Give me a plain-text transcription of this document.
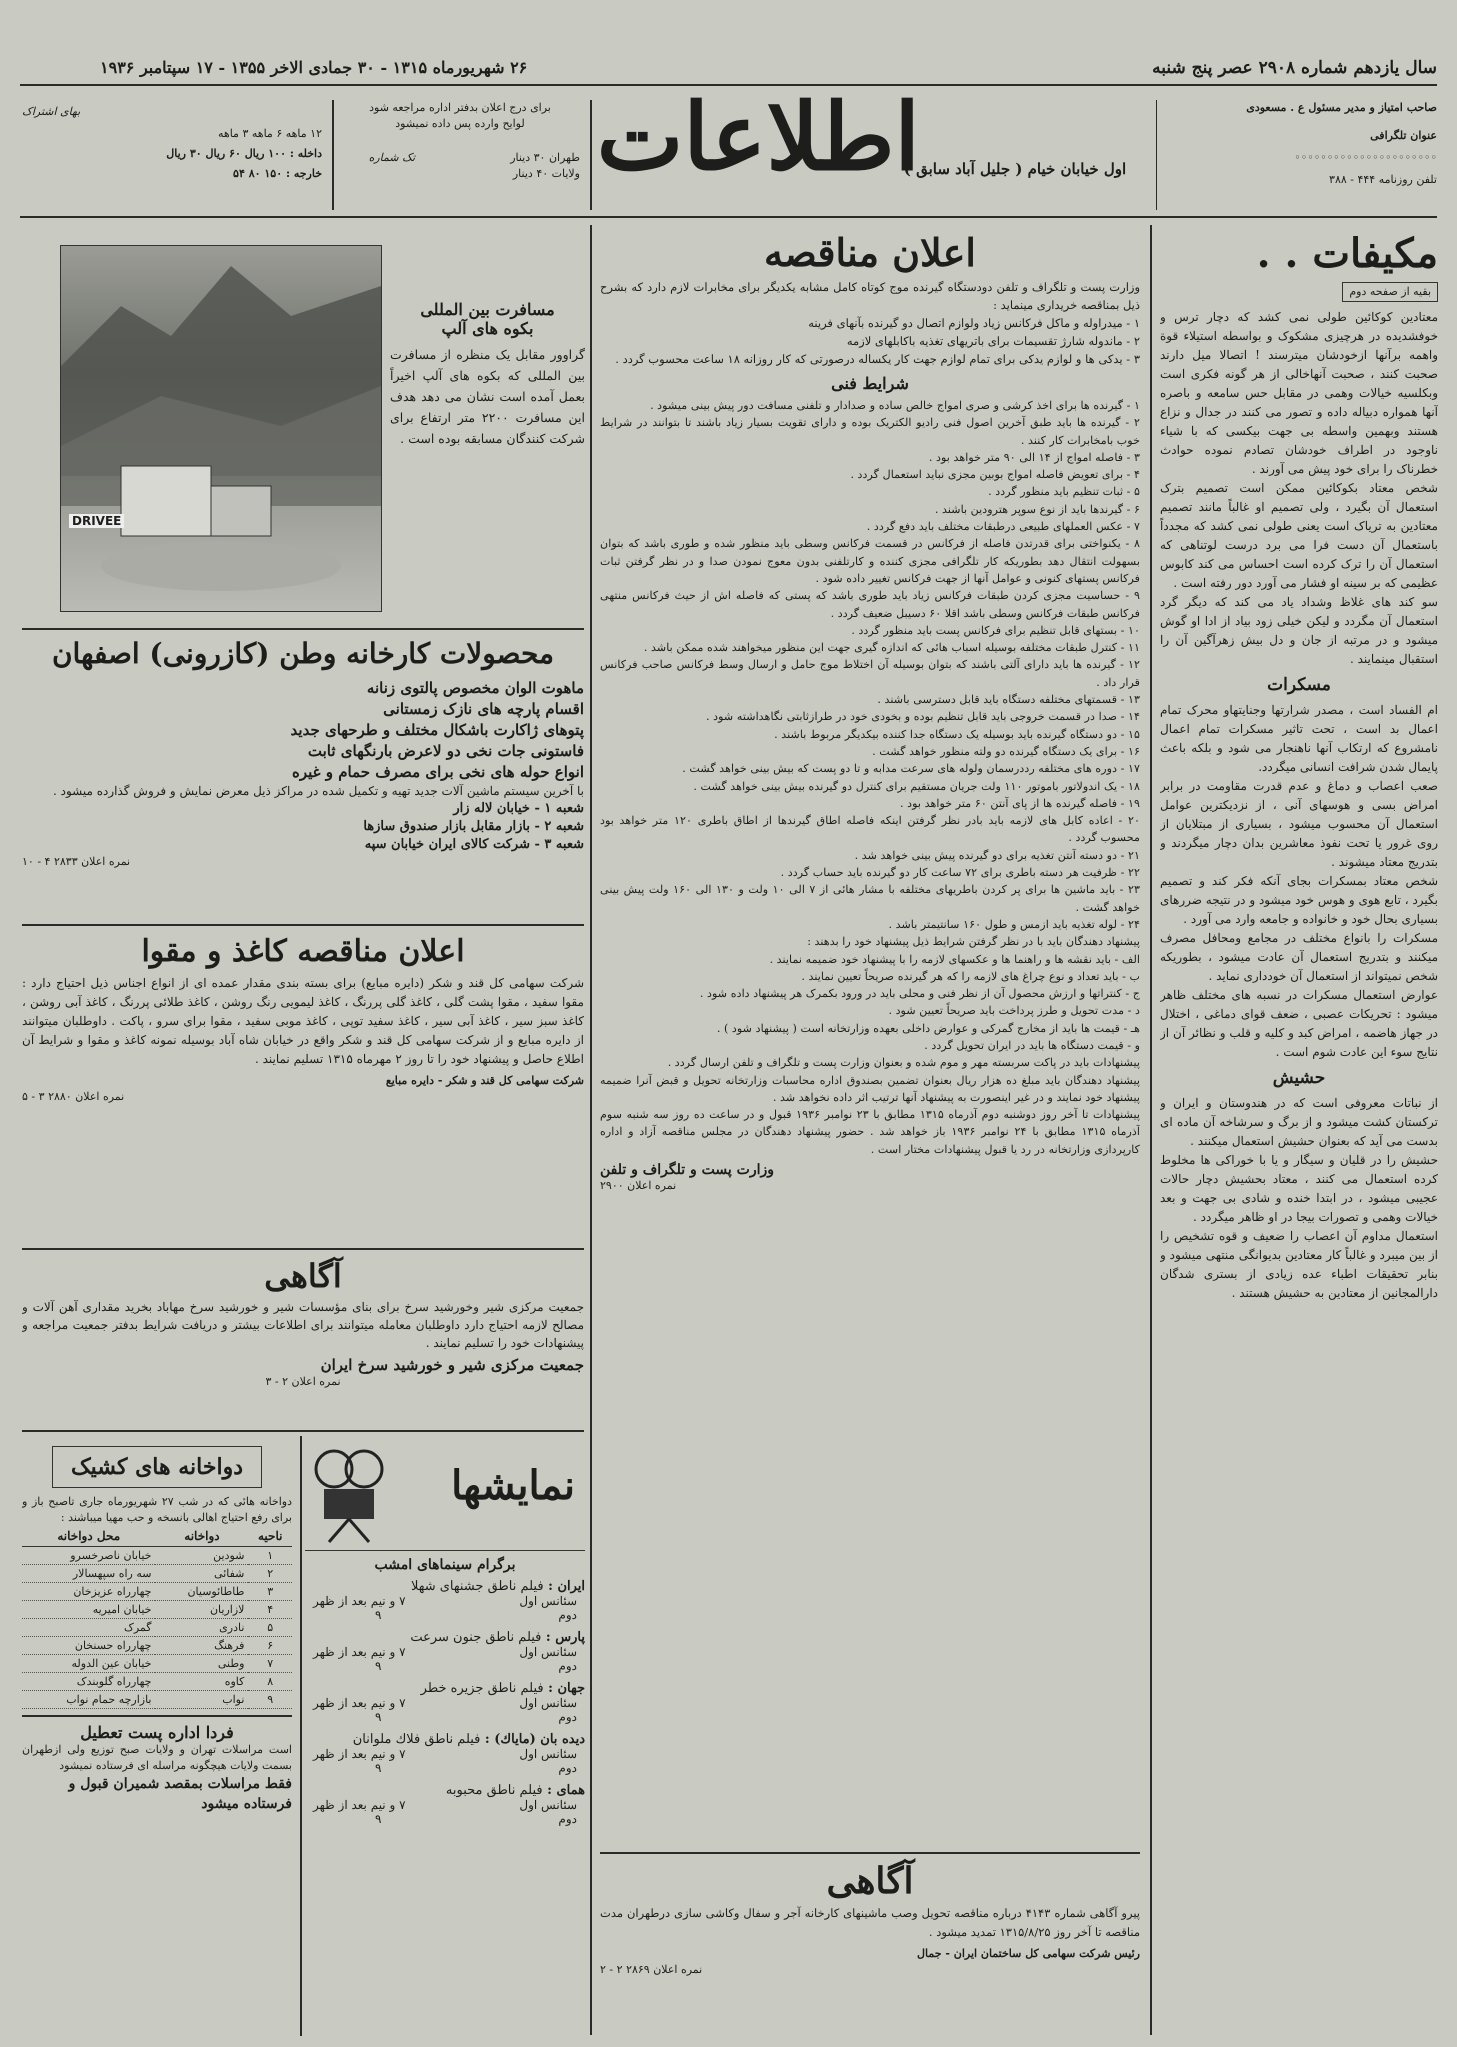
سال یازدهم شماره ۲۹۰۸ عصر پنج شنبه
۲۶ شهریورماه ۱۳۱۵ - ۳۰ جمادی الاخر ۱۳۵۵ - ۱۷ سپتامبر ۱۹۳۶
صاحب امتیاز و مدیر مسئول ع . مسعودی
عنوان تلگرافی
◦◦◦◦◦◦◦◦◦◦◦◦◦◦◦◦◦◦◦◦◦◦
تلفن روزنامه ۴۴۴ - ۳۸۸
اطلاعات
اول خیابان خیام ( جلیل آباد سابق )
برای درج اعلان بدفتر اداره مراجعه شود
لوایح وارده پس داده نمیشود
طهران ۳۰ دینار
ولایات ۴۰ دینار
تک شماره
بهای اشتراک
۱۲ ماهه ۶ ماهه ۳ ماهه
داخله : ۱۰۰ ریال ۶۰ ریال ۳۰ ریال
خارجه : ۱۵۰ ۸۰ ۵۴
مکیفات . .
بقیه از صفحه دوم
معتادین کوکائین طولی نمی کشد که دچار ترس و خوفشدیده در هرچیزی مشکوک و بواسطه استیلاء قوة واهمه برآنها ازخودشان میترسند ! اتصالا میل دارند صحبت کنند ، صحبت آنهاخالی از هر گونه فکری است وبکلسیه خیالات وهمی در مقابل حس سامعه و باصره آنها همواره دبیاله داده و تصور می کنند در جدال و نزاع هستند وبهمین واسطه بی جهت بیکسی که با شیاء ناوجود در اطراف خودشان تصادم نموده حوادث خطرناک را برای خود پیش می آورند .
شخص معتاد بکوکائین ممکن است تصمیم بترک استعمال آن بگیرد ، ولی تصمیم او غالباً مانند تصمیم معتادین به تریاک است یعنی طولی نمی کشد که مجدداً باستعمال آن دست فرا می برد درست لوتناهی که استعمال آن را ترک کرده است احساس می کند کابوس عظیمی که بر سینه او فشار می آورد دور رفته است .
سو کند های غلاظ وشداد یاد می کند که دیگر گرد استعمال آن مگردد و لیکن خیلی زود بیاد از ادا او گوش میشود و در مرتبه از جان و دل بیش زهرآگین آن را استقبال مینمایند .
مسکرات
ام الفساد است ، مصدر شرارتها وجنایتهاو محرک تمام اعمال بد است ، تحت تاثیر مسکرات تمام اعمال نامشروع که ارتکاب آنها ناهنجار می شود و بلکه باعث پایمال شدن شرافت انسانی میگردد.
صعب اعصاب و دماغ و عدم قدرت مقاومت در برابر امراض بسی و هوسهای آنی ، از نزدیکترین عوامل استعمال آن محسوب میشود ، بسیاری از مبتلایان از روی غرور یا تحت نفوذ معاشرین بدان دچار میگردند و بتدریج معتاد میشوند .
شخص معتاد بمسکرات بجای آنکه فکر کند و تصمیم بگیرد ، تابع هوی و هوس خود میشود و در نتیجه ضررهای بسیاری بحال خود و خانواده و جامعه وارد می آورد .
مسکرات را بانواع مختلف در مجامع ومحافل مصرف میکنند و بتدریج استعمال آن عادت میشود ، بطوریکه شخص نمیتواند از استعمال آن خودداری نماید .
عوارض استعمال مسکرات در نسبه های مختلف ظاهر میشود : تحریکات عصبی ، ضعف قوای دماغی ، اختلال در جهاز هاضمه ، امراض کبد و کلیه و قلب و نظائر آن از نتایج سوء این عادت شوم است .
حشیش
از نباتات معروفی است که در هندوستان و ایران و ترکستان کشت میشود و از برگ و سرشاخه آن ماده ای بدست می آید که بعنوان حشیش استعمال میکنند .
حشیش را در قلیان و سیگار و یا با خوراکی ها مخلوط کرده استعمال می کنند ، معتاد بحشیش دچار حالات عجیبی میشود ، در ابتدا خنده و شادی بی جهت و بعد خیالات وهمی و تصورات بیجا در او ظاهر میگردد .
استعمال مداوم آن اعصاب را ضعیف و قوه تشخیص را از بین میبرد و غالباً کار معتادین بدیوانگی منتهی میشود و بنابر تحقیقات اطباء عده زیادی از بستری شدگان دارالمجانین از معتادین به حشیش هستند .
اعلان مناقصه
وزارت پست و تلگراف و تلفن دودستگاه گیرنده موج کوتاه کامل مشابه یکدیگر برای مخابرات لازم دارد که بشرح ذیل بمناقصه خریداری مینماید :
۱ - میدراوله و ماکل فرکانس زیاد ولوازم اتصال دو گیرنده بآنهای فرینه
۲ - ماندوله شارژ تقسیمات برای باتریهای تغذیه باکابلهای لازمه
۳ - یدکی ها و لوازم یدکی برای تمام لوازم جهت کار یکساله درصورتی که کار روزانه ۱۸ ساعت محسوب گردد .
شرایط فنی
۱ - گیرنده ها برای اخذ کرشی و صری امواج خالص ساده و صدادار و تلفنی مسافت دور پیش بینی میشود .
۲ - گیرنده ها باید طبق آخرین اصول فنی رادیو الکتریک بوده و دارای تقویت بسیار زیاد باشند تا بتوانند در شرایط خوب بامخابرات کار کنند .
۳ - فاصله امواج از ۱۴ الی ۹۰ متر خواهد بود .
۴ - برای تعویض فاصله امواج بوبین مجزی نباید استعمال گردد .
۵ - ثبات تنظیم باید منظور گردد .
۶ - گیرندها باید از نوع سوپر هترودین باشند .
۷ - عکس العملهای طبیعی درطبقات مختلف باید دفع گردد .
۸ - یکنواختی برای قدرتدن فاصله از فرکانس در قسمت فرکانس وسطی باید منظور شده و طوری باشد که بتوان بسهولت انتقال دهد بطوریکه کار تلگرافی مجزی کننده و کارتلفنی بدون معوج نمودن صدا و در نظر گرفتن ثبات فرکانس پستهای کنونی و عوامل آنها از جهت فرکانس تغییر داده شود .
۹ - حساسیت مجزی کردن طبقات فرکانس زیاد باید طوری باشد که پستی که فاصله اش از حیث فرکانس منتهی فرکانس طبقات فرکانس وسطی باشد اقلا ۶۰ دسیبل ضعیف گردد .
۱۰ - بستهای قابل تنظیم برای فرکانس پست باید منظور گردد .
۱۱ - کنترل طبقات مختلفه بوسیله اسباب هائی که اندازه گیری جهت این منظور میخواهند شده ممکن باشد .
۱۲ - گیرنده ها باید دارای آلتی باشند که بتوان بوسیله آن اختلاط موج حامل و ارسال وسط فرکانس صاحب فرکانس قرار داد .
۱۳ - قسمتهای مختلفه دستگاه باید قابل دسترسی باشند .
۱۴ - صدا در قسمت خروجی باید قابل تنظیم بوده و بخودی خود در طرازثابتی نگاهداشته شود .
۱۵ - دو دستگاه گیرنده باید بوسیله یک دستگاه جدا کننده بیکدیگر مربوط باشند .
۱۶ - برای یک دستگاه گیرنده دو ولته منظور خواهد گشت .
۱۷ - دوره های مختلفه رددرسمان ولوله های سرعت مدابه و تا دو پست که بیش بینی خواهد گشت .
۱۸ - یک اندولاتور باموتور ۱۱۰ ولت جریان مستقیم برای کنترل دو گیرنده بیش بینی خواهد گشت .
۱۹ - فاصله گیرنده ها از پای آنتن ۶۰ متر خواهد بود .
۲۰ - اعاده کابل های لازمه باید بادر نظر گرفتن اینکه فاصله اطاق گیرندها از اطاق باطری ۱۲۰ متر خواهد بود محسوب گردد .
۲۱ - دو دسته آنتن تغذیه برای دو گیرنده پیش بینی خواهد شد .
۲۲ - ظرفیت هر دسته باطری برای ۷۲ ساعت کار دو گیرنده باید حساب گردد .
۲۳ - باید ماشین ها برای پر کردن باطریهای مختلفه با مشار هائی از ۷ الی ۱۰ ولت و ۱۳۰ الی ۱۶۰ ولت پیش بینی خواهد گشت .
۲۴ - لوله تغذیه باید ازمس و طول ۱۶۰ سانتیمتر باشد .
پیشنهاد دهندگان باید با در نظر گرفتن شرایط ذیل پیشنهاد خود را بدهند :
الف - باید نقشه ها و راهنما ها و عکسهای لازمه را با پیشنهاد خود ضمیمه نمایند .
ب - باید تعداد و نوع چراغ های لازمه را که هر گیرنده صریحاً تعیین نمایند .
ج - کنتراتها و ارزش محصول آن از نظر فنی و محلی باید در ورود بکمرک هر پیشنهاد داده شود .
د - مدت تحویل و طرز پرداخت باید صریحاً تعیین شود .
هـ - قیمت ها باید از مخارج گمرکی و عوارض داخلی بعهده وزارتخانه است ( پیشنهاد شود ) .
و - قیمت دستگاه ها باید در ایران تحویل گردد .
پیشنهادات باید در پاکت سربسته مهر و موم شده و بعنوان وزارت پست و تلگراف و تلفن ارسال گردد .
پیشنهاد دهندگان باید مبلغ ده هزار ریال بعنوان تضمین بصندوق اداره محاسبات وزارتخانه تحویل و قبض آنرا ضمیمه پیشنهاد خود نمایند و در غیر اینصورت به پیشنهاد آنها ترتیب اثر داده نخواهد شد .
پیشنهادات تا آخر روز دوشنبه دوم آذرماه ۱۳۱۵ مطابق با ۲۳ نوامبر ۱۹۳۶ قبول و در ساعت ده روز سه شنبه سوم آذرماه ۱۳۱۵ مطابق با ۲۴ نوامبر ۱۹۳۶ باز خواهد شد . حضور پیشنهاد دهندگان در مجلس مناقصه آزاد و اداره کارپردازی وزارتخانه در رد یا قبول پیشنهادات مختار است .
وزارت پست و تلگراف و تلفن
نمره اعلان ۲۹۰۰
آگاهی
پیرو آگاهی شماره ۴۱۴۳ درباره مناقصه تحویل وصب ماشینهای کارخانه آجر و سفال وکاشی سازی درطهران مدت مناقصه تا آخر روز ۱۳۱۵/۸/۲۵ تمدید میشود .
رئیس شرکت سهامی کل ساختمان ایران - جمال
نمره اعلان ۲۸۶۹ ۲ - ۲
DRIVEE
مسافرت بین المللی
بکوه های آلپ
گراوور مقابل یک منظره از مسافرت بین المللی که بکوه های آلپ اخیراً بعمل آمده است نشان می دهد هدف این مسافرت ۲۲۰۰ متر ارتفاع برای شرکت کنندگان مسابقه بوده است .
محصولات کارخانه وطن (کازرونی) اصفهان
ماهوت الوان مخصوص پالتوی زنانه
اقسام پارچه های نازک زمستانی
پتوهای ژاکارت باشکال مختلف و طرحهای جدید
فاستونی جات نخی دو لاعرض بارنگهای ثابت
انواع حوله های نخی برای مصرف حمام و غیره
با آخرین سیستم ماشین آلات جدید تهیه و تکمیل شده در مراکز ذیل معرض نمایش و فروش گذارده میشود .
شعبه ۱ - خیابان لاله زار
شعبه ۲ - بازار مقابل بازار صندوق سازها
شعبه ۳ - شرکت کالای ایران خیابان سپه
نمره اعلان ۲۸۳۳ ۴ - ۱۰
اعلان مناقصه کاغذ و مقوا
شرکت سهامی کل قند و شکر (دایره مبایع) برای بسته بندی مقدار عمده ای از انواع اجناس ذیل احتیاج دارد : مقوا سفید ، مقوا پشت گلی ، کاغذ گلی پررنگ ، کاغذ لیمویی رنگ روشن ، کاغذ طلائی پررنگ ، کاغذ آبی روشن ، کاغذ سبز سیر ، کاغذ آبی سیر ، کاغذ سفید توپی ، کاغذ موبی سفید ، مقوا برای سرو ، پاکت . داوطلبان میتوانند از دایره مبایع و از شرکت سهامی کل قند و شکر واقع در خیابان شاه آباد بوسیله نمونه کاغذ و مقوا و شرایط آن اطلاع حاصل و پیشنهاد خود را تا روز ۲ مهرماه ۱۳۱۵ تسلیم نمایند .
شرکت سهامی کل قند و شکر - دایره مبایع
نمره اعلان ۲۸۸۰ ۳ - ۵
آگاهی
جمعیت مرکزی شیر وخورشید سرخ برای بنای مؤسسات شیر و خورشید سرخ مهاباد بخرید مقداری آهن آلات و مصالح لازمه احتیاج دارد داوطلبان معامله میتوانند برای اطلاعات بیشتر و دریافت شرایط بدفتر جمعیت مراجعه و پیشنهادات خود را تسلیم نمایند .
جمعیت مرکزی شیر و خورشید سرخ ایران
نمره اعلان ۲ - ۳
دواخانه های کشیک
دواخانه هائی که در شب ۲۷ شهریورماه جاری تاصبح باز و برای رفع احتیاج اهالی بانسخه و حب مهیا میباشند :
ناحیه	دواخانه	محل دواخانه
۱	شودین	خیابان ناصرخسرو
۲	شفائی	سه راه سپهسالار
۳	طاطائوسیان	چهارراه عزیزخان
۴	لازاریان	خیابان امیریه
۵	نادری	گمرک
۶	فرهنگ	چهارراه حسنخان
۷	وطنی	خیابان عین الدوله
۸	کاوه	چهارراه گلوبندک
۹	نواب	بازارچه حمام نواب
فردا اداره پست تعطیل
است مراسلات تهران و ولایات صبح توزیع ولی ازطهران بسمت ولایات هیچگونه مراسله ای فرستاده نمیشود
فقط مراسلات بمقصد شمیران قبول و فرستاده میشود
نمایشها
برگرام سینماهای امشب
ایران : فیلم ناطق جشنهای شهلا
سئانس اول
۷ و نیم بعد از ظهر
دوم
۹
پارس : فیلم ناطق جنون سرعت
سئانس اول
۷ و نیم بعد از ظهر
دوم
۹
جهان : فیلم ناطق جزیره خطر
سئانس اول
۷ و نیم بعد از ظهر
دوم
۹
دیده بان (ماياك) : فیلم ناطق فلاك ملوانان
سئانس اول
۷ و نیم بعد از ظهر
دوم
۹
همای : فیلم ناطق محبوبه
سئانس اول
۷ و نیم بعد از ظهر
دوم
۹
